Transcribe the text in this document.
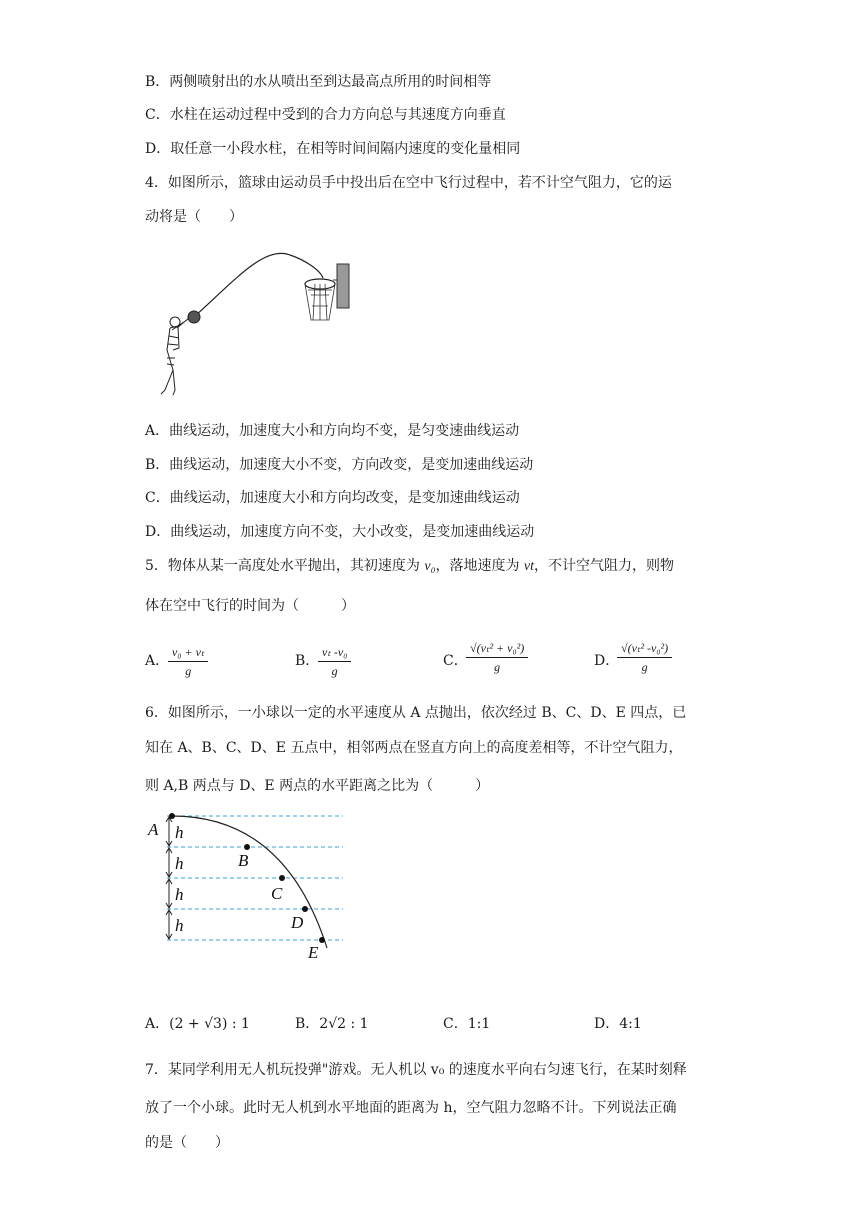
B．两侧喷射出的水从喷出至到达最高点所用的时间相等
C．水柱在运动过程中受到的合力方向总与其速度方向垂直
D．取任意一小段水柱，在相等时间间隔内速度的变化量相同
4．如图所示，篮球由运动员手中投出后在空中飞行过程中，若不计空气阻力，它的运
动将是（　　）
A．曲线运动，加速度大小和方向均不变，是匀变速曲线运动
B．曲线运动，加速度大小不变，方向改变，是变加速曲线运动
C．曲线运动，加速度大小和方向均改变，是变加速曲线运动
D．曲线运动，加速度方向不变，大小改变，是变加速曲线运动
5．物体从某一高度处水平抛出，其初速度为 v₀，落地速度为 vt，不计空气阻力，则物
体在空中飞行的时间为（　　　）
A．
$\frac{\text{v₀ + vₜ}}{g}$	B．
$\frac{\text{vₜ -v₀}}{g}$	C．
$\frac{\text{√(vₜ² + v₀²)}}{g}$	D．
$\frac{\text{√(vₜ² -v₀²)}}{g}$
6．如图所示，一小球以一定的水平速度从 A 点抛出，依次经过 B、C、D、E 四点，已
知在 A、B、C、D、E 五点中，相邻两点在竖直方向上的高度差相等，不计空气阻力，
则 A,B 两点与 D、E 两点的水平距离之比为（　　　）
A
B
C
D
E
h
h
h
h
A．(2 + √3) : 1	B．2√2 : 1	C．1:1	D．4:1
7．某同学利用无人机玩投弹"游戏。无人机以 v₀ 的速度水平向右匀速飞行，在某时刻释
放了一个小球。此时无人机到水平地面的距离为 h，空气阻力忽略不计。下列说法正确
的是（　　）
